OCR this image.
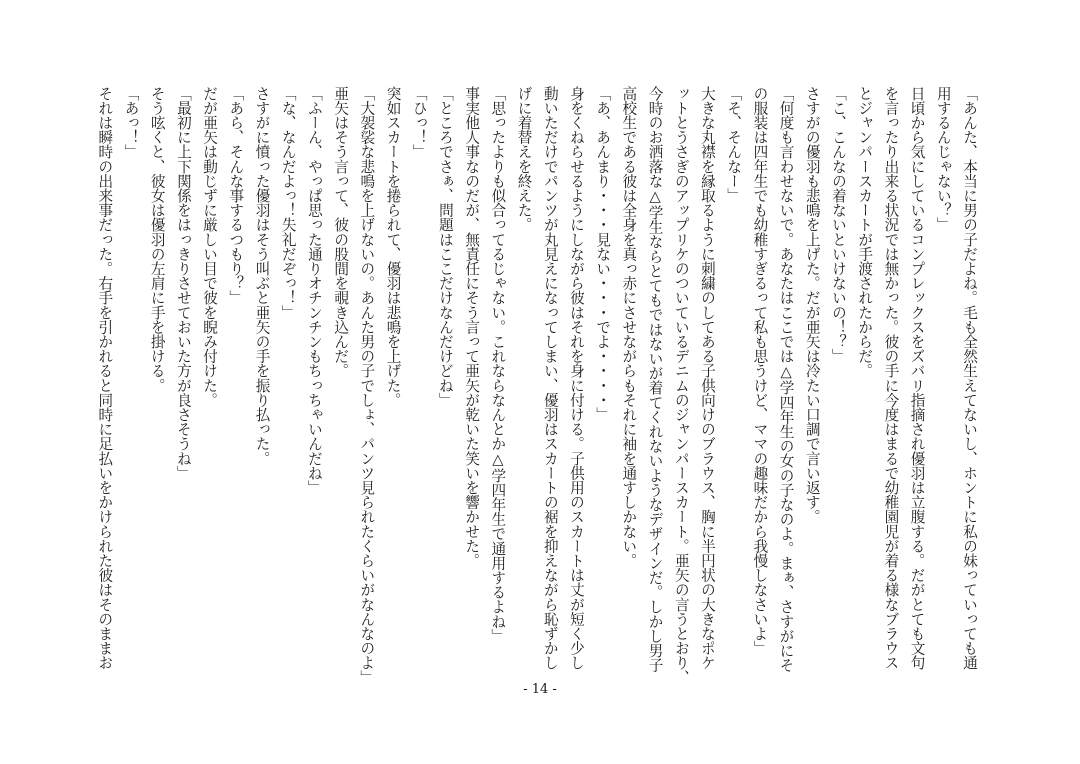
「あんた、本当に男の子だよね。毛も全然生えてないし、ホントに私の妹っていっても通
用するんじゃない？」
日頃から気にしているコンプレックスをズバリ指摘され優羽は立腹する。だがとても文句
を言ったり出来る状況では無かった。彼の手に今度はまるで幼稚園児が着る様なブラウス
とジャンパースカートが手渡されたからだ。
「こ、こんなの着ないといけないの！？」
さすがの優羽も悲鳴を上げた。だが亜矢は冷たい口調で言い返す。
「何度も言わせないで。あなたはここでは△学四年生の女の子なのよ。まぁ、さすがにそ
の服装は四年生でも幼稚すぎるって私も思うけど、ママの趣味だから我慢しなさいよ」
「そ、そんなー」
大きな丸襟を縁取るように刺繍のしてある子供向けのブラウス、胸に半円状の大きなポケ
ットとうさぎのアップリケのついているデニムのジャンパースカート。亜矢の言うとおり、
今時のお洒落な△学生ならとてもではないが着てくれないようなデザインだ。しかし男子
高校生である彼は全身を真っ赤にさせながらもそれに袖を通すしかない。
「あ、あんまり・・・見ない・・・でよ・・・・」
身をくねらせるようにしながら彼はそれを身に付ける。子供用のスカートは丈が短く少し
動いただけでパンツが丸見えになってしまい、優羽はスカートの裾を抑えながら恥ずかし
げに着替えを終えた。
「思ったよりも似合ってるじゃない。これならなんとか△学四年生で通用するよね」
事実他人事なのだが、無責任にそう言って亜矢が乾いた笑いを響かせた。
「ところでさぁ、問題はここだけなんだけどね」
「ひっ！」
突如スカートを捲られて、優羽は悲鳴を上げた。
「大袈裟な悲鳴を上げないの。あんた男の子でしょ、パンツ見られたくらいがなんなのよ」
亜矢はそう言って、彼の股間を覗き込んだ。
「ふーん、やっぱ思った通りオチンチンもちっちゃいんだね」
「な、なんだよっ！失礼だぞっ！」
さすがに憤った優羽はそう叫ぶと亜矢の手を振り払った。
「あら、そんな事するつもり？」
だが亜矢は動じずに厳しい目で彼を睨み付けた。
「最初に上下関係をはっきりさせておいた方が良さそうね」
そう呟くと、彼女は優羽の左肩に手を掛ける。
「あっ！」
それは瞬時の出来事だった。右手を引かれると同時に足払いをかけられた彼はそのままお
- 14 -
